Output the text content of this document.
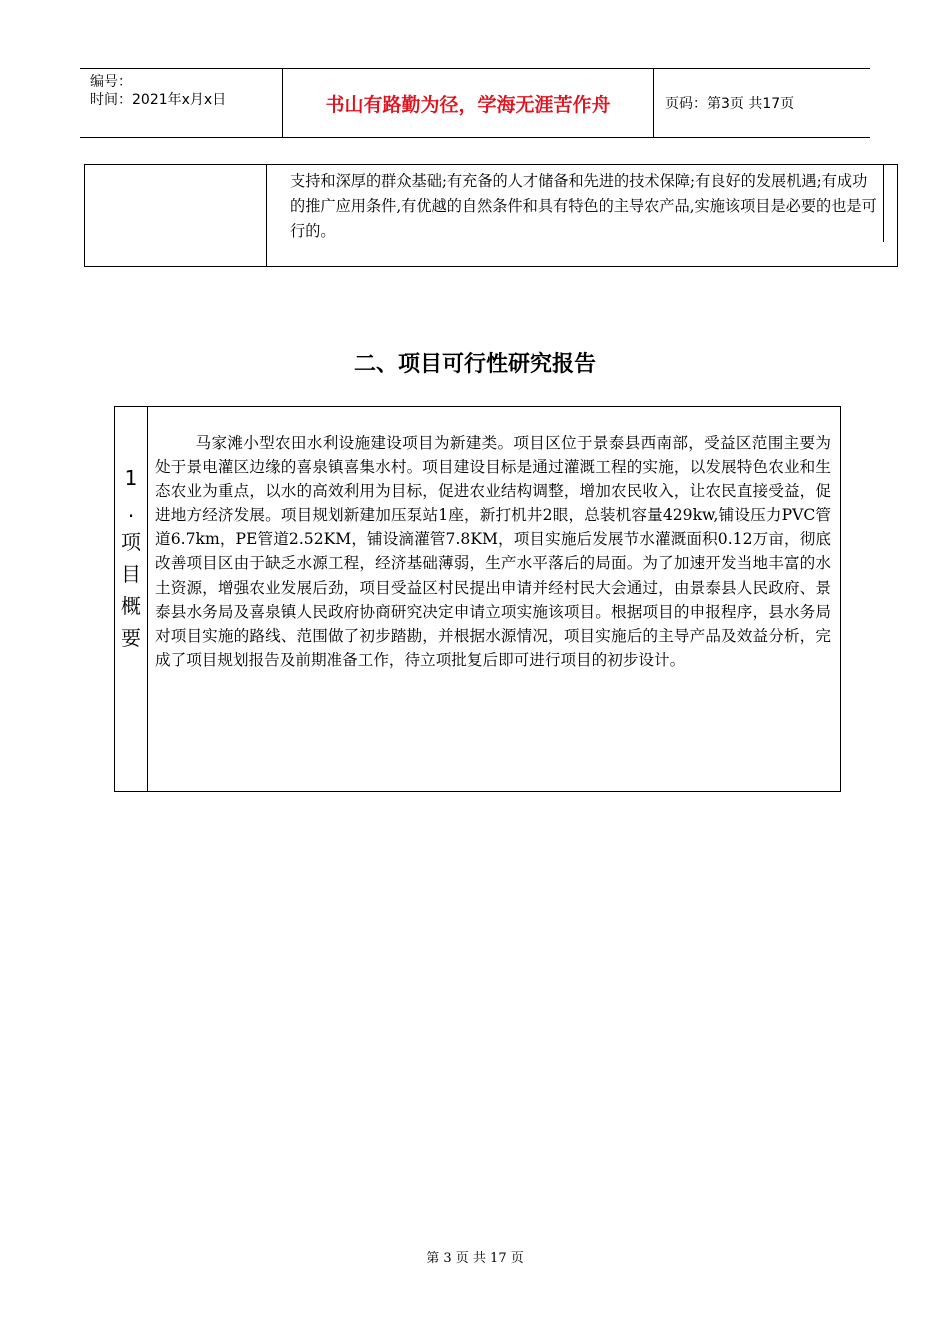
编号：
时间：2021年x月x日	书山有路勤为径，学海无涯苦作舟	页码：第3页 共17页
支持和深厚的群众基础;有充备的人才储备和先进的技术保障;有良好的发展机遇;有成功的推广应用条件,有优越的自然条件和具有特色的主导农产品,实施该项目是必要的也是可行的。
二、项目可行性研究报告
1
.
项
目
概
要
马家滩小型农田水利设施建设项目为新建类。项目区位于景泰县西南部，受益区范围主要为处于景电灌区边缘的喜泉镇喜集水村。项目建设目标是通过灌溉工程的实施，以发展特色农业和生态农业为重点，以水的高效利用为目标，促进农业结构调整，增加农民收入，让农民直接受益，促进地方经济发展。项目规划新建加压泵站1座，新打机井2眼，总装机容量429kw,铺设压力PVC管道6.7km，PE管道2.52KM，铺设滴灌管7.8KM，项目实施后发展节水灌溉面积0.12万亩，彻底改善项目区由于缺乏水源工程，经济基础薄弱，生产水平落后的局面。为了加速开发当地丰富的水土资源，增强农业发展后劲，项目受益区村民提出申请并经村民大会通过，由景泰县人民政府、景泰县水务局及喜泉镇人民政府协商研究决定申请立项实施该项目。根据项目的申报程序，县水务局对项目实施的路线、范围做了初步踏勘，并根据水源情况，项目实施后的主导产品及效益分析，完成了项目规划报告及前期准备工作，待立项批复后即可进行项目的初步设计。
第 3 页 共 17 页
